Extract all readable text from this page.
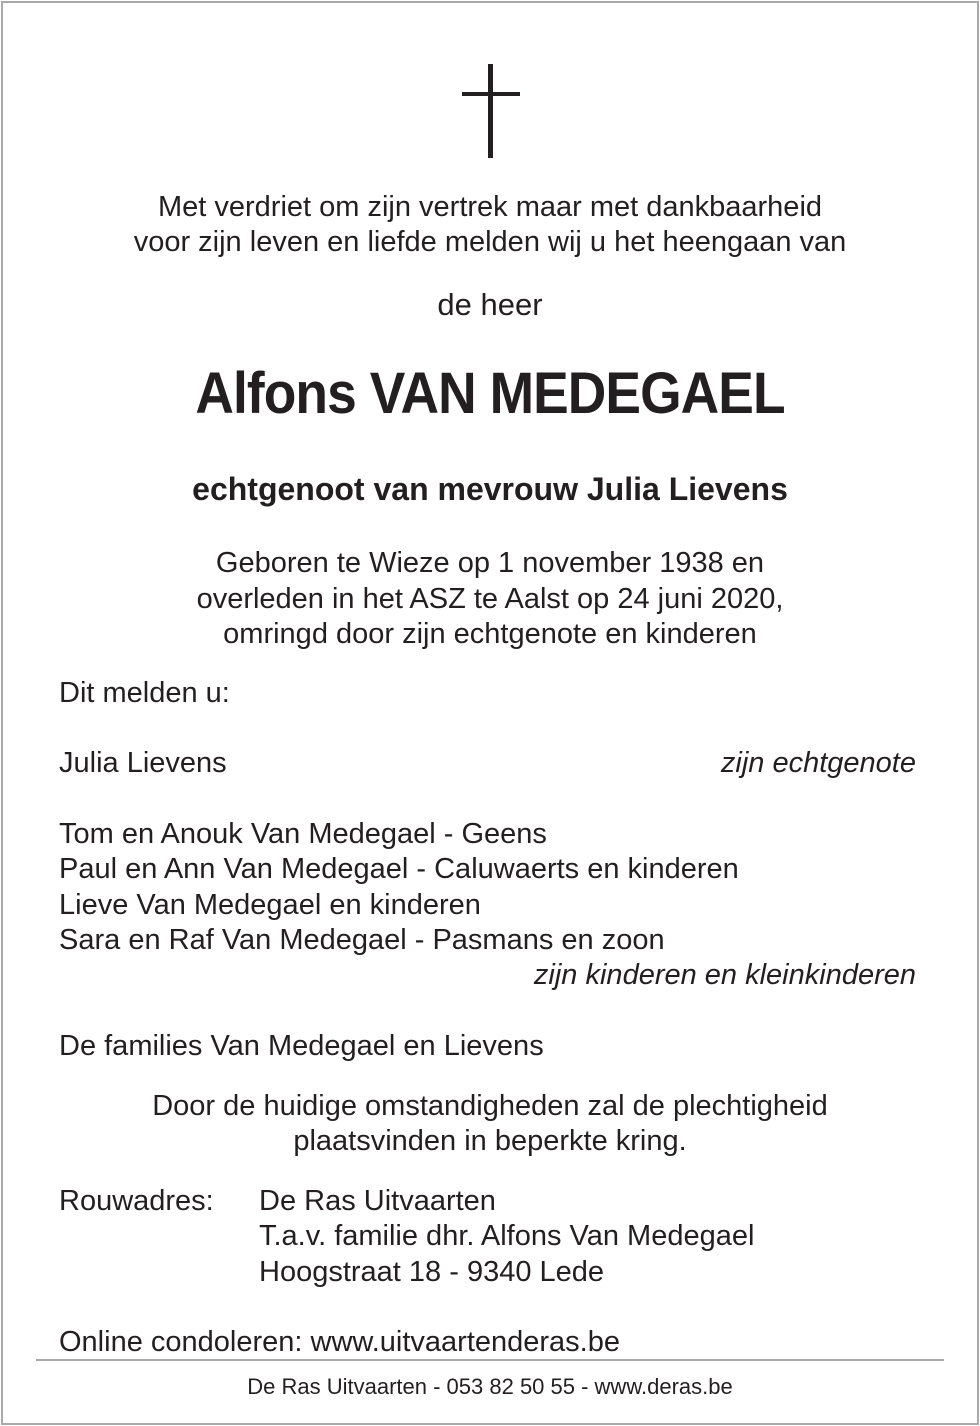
Met verdriet om zijn vertrek maar met dankbaarheid
voor zijn leven en liefde melden wij u het heengaan van
de heer
Alfons VAN MEDEGAEL
echtgenoot van mevrouw Julia Lievens
Geboren te Wieze op 1 november 1938 en
overleden in het ASZ te Aalst op 24 juni 2020,
omringd door zijn echtgenote en kinderen
Dit melden u:
Julia Lievens	zijn echtgenote
Tom en Anouk Van Medegael - Geens
Paul en Ann Van Medegael - Caluwaerts en kinderen
Lieve Van Medegael en kinderen
Sara en Raf Van Medegael - Pasmans en zoon
zijn kinderen en kleinkinderen
De families Van Medegael en Lievens
Door de huidige omstandigheden zal de plechtigheid
plaatsvinden in beperkte kring.
Rouwadres: De Ras Uitvaarten
T.a.v. familie dhr. Alfons Van Medegael
Hoogstraat 18 - 9340 Lede
Online condoleren: www.uitvaartenderas.be
De Ras Uitvaarten - 053 82 50 55 - www.deras.be
